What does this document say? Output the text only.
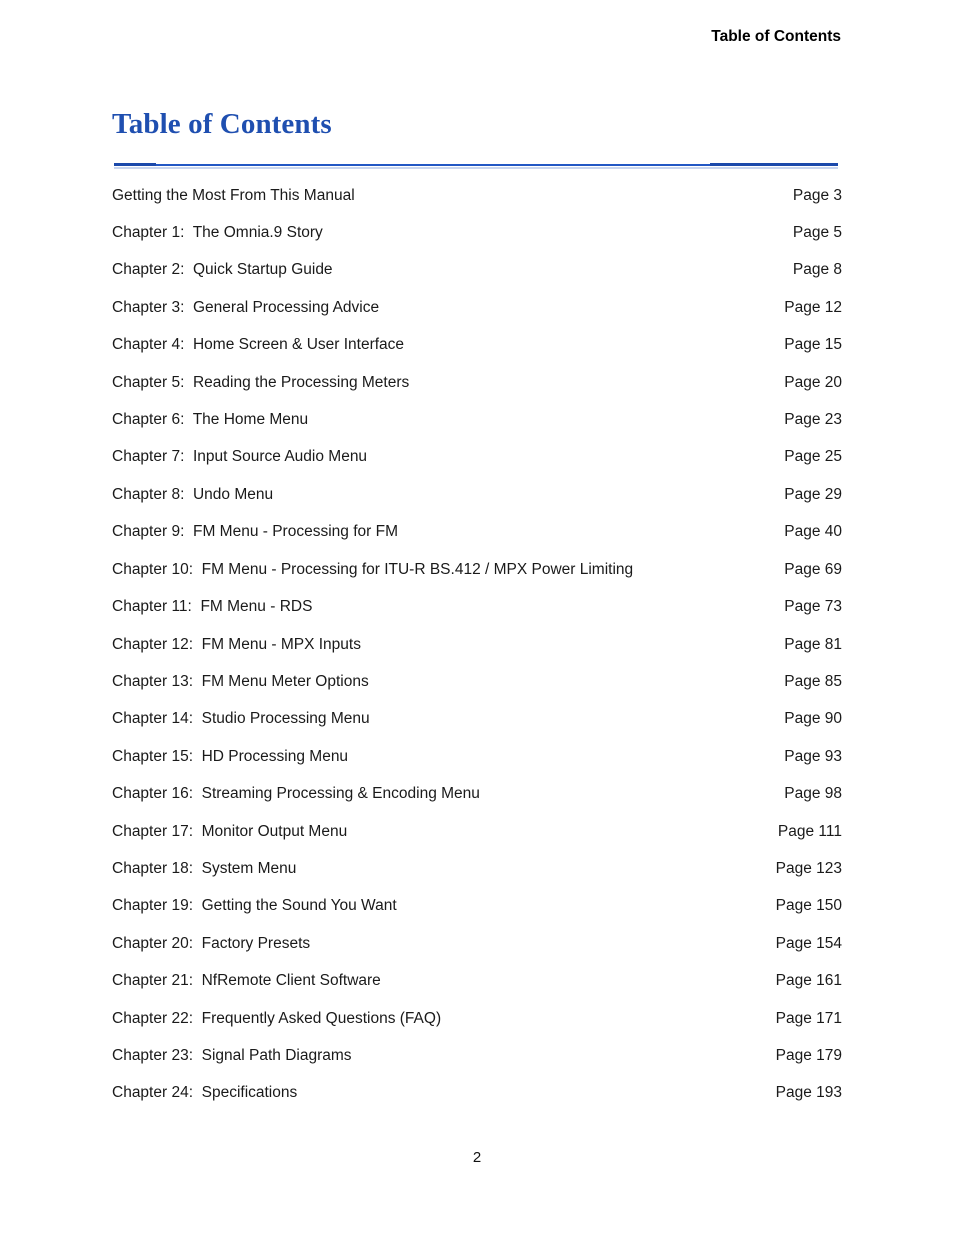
Table of Contents
Table of Contents
Getting the Most From This Manual	Page 3
Chapter 1:  The Omnia.9 Story	Page 5
Chapter 2:  Quick Startup Guide	Page 8
Chapter 3:  General Processing Advice	Page 12
Chapter 4:  Home Screen & User Interface	Page 15
Chapter 5:  Reading the Processing Meters	Page 20
Chapter 6:  The Home Menu	Page 23
Chapter 7:  Input Source Audio Menu	Page 25
Chapter 8:  Undo Menu	Page 29
Chapter 9:  FM Menu - Processing for FM	Page 40
Chapter 10:  FM Menu - Processing for ITU-R BS.412 / MPX Power Limiting	Page 69
Chapter 11:  FM Menu - RDS	Page 73
Chapter 12:  FM Menu - MPX Inputs	Page 81
Chapter 13:  FM Menu Meter Options	Page 85
Chapter 14:  Studio Processing Menu	Page 90
Chapter 15:  HD Processing Menu	Page 93
Chapter 16:  Streaming Processing & Encoding Menu	Page 98
Chapter 17:  Monitor Output Menu	Page 111
Chapter 18:  System Menu	Page 123
Chapter 19:  Getting the Sound You Want	Page 150
Chapter 20:  Factory Presets	Page 154
Chapter 21:  NfRemote Client Software	Page 161
Chapter 22:  Frequently Asked Questions (FAQ)	Page 171
Chapter 23:  Signal Path Diagrams	Page 179
Chapter 24:  Specifications	Page 193
2
